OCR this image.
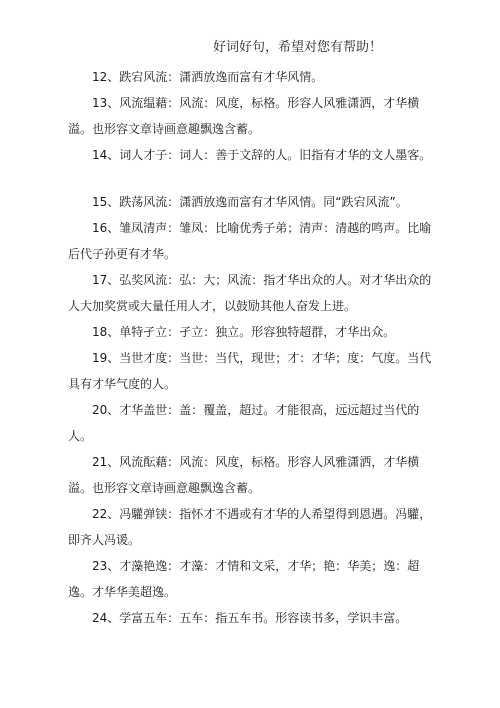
好词好句，希望对您有帮助！

12、跌宕风流：潇洒放逸而富有才华风情。

13、风流缊藉：风流：风度，标格。形容人风雅潇洒，才华横溢。也形容文章诗画意趣飘逸含蓄。

14、词人才子：词人：善于文辞的人。旧指有才华的文人墨客。

15、跌荡风流：潇洒放逸而富有才华风情。同“跌宕风流”。

16、雏凤清声：雏凤：比喻优秀子弟；清声：清越的鸣声。比喻后代子孙更有才华。

17、弘奖风流：弘：大；风流：指才华出众的人。对才华出众的人大加奖赏或大量任用人才，以鼓励其他人奋发上进。

18、单特孑立：孑立：独立。形容独特超群，才华出众。

19、当世才度：当世：当代，现世；才：才华；度：气度。当代具有才华气度的人。

20、才华盖世：盖：覆盖，超过。才能很高，远远超过当代的人。

21、风流酝藉：风流：风度，标格。形容人风雅潇洒，才华横溢。也形容文章诗画意趣飘逸含蓄。

22、冯驩弹铗：指怀才不遇或有才华的人希望得到恩遇。冯驩，即齐人冯谖。

23、才藻艳逸：才藻：才情和文采，才华；艳：华美；逸：超逸。才华华美超逸。

24、学富五车：五车：指五车书。形容读书多，学识丰富。
